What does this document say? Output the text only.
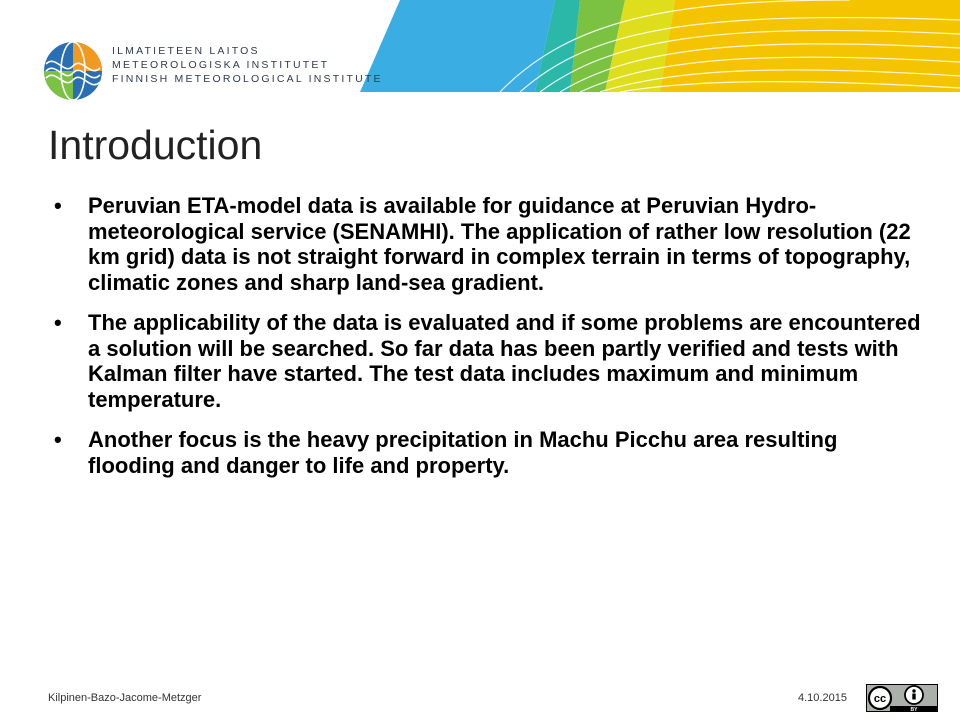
ILMATIETEEN LAITOS
METEOROLOGISKA INSTITUTET
FINNISH METEOROLOGICAL INSTITUTE
Introduction
• Peruvian ETA-model data is available for guidance at Peruvian Hydro-meteorological service (SENAMHI). The application of rather low resolution (22 km grid) data is not straight forward in complex terrain in terms of topography, climatic zones and sharp land-sea gradient.
• The applicability of the data is evaluated and if some problems are encountered a solution will be searched. So far data has been partly verified and tests with Kalman filter have started. The test data includes maximum and minimum temperature.
• Another focus is the heavy precipitation in Machu Picchu area resulting flooding and danger to life and property.
Kilpinen-Bazo-Jacome-Metzger	4.10.2015 cc
BY
